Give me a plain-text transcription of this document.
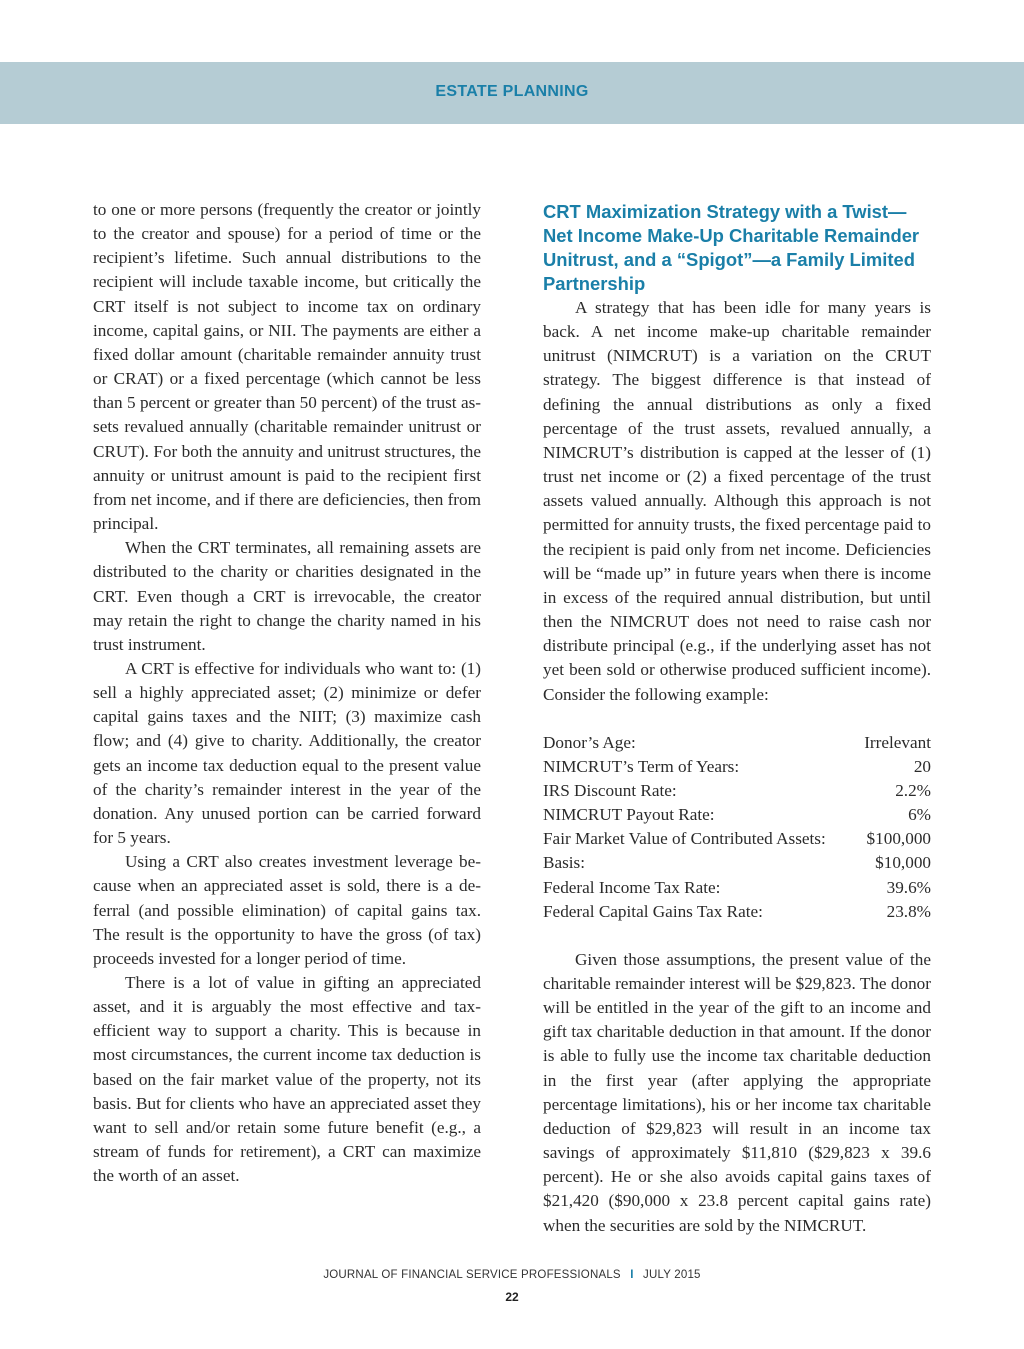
ESTATE PLANNING

to one or more persons (frequently the creator or jointly to the creator and spouse) for a period of time or the recipient’s lifetime. Such annual distributions to the recipient will include taxable income, but critically the CRT itself is not subject to income tax on ordinary income, capital gains, or NII. The payments are either a fixed dollar amount (charitable remainder annuity trust or CRAT) or a fixed percentage (which cannot be less than 5 percent or greater than 50 percent) of the trust assets revalued annually (charitable remainder unitrust or CRUT). For both the annuity and unitrust structures, the annuity or unitrust amount is paid to the recipient first from net income, and if there are deficiencies, then from principal.

When the CRT terminates, all remaining assets are distributed to the charity or charities designated in the CRT. Even though a CRT is irrevocable, the creator may retain the right to change the charity named in his trust instrument.

A CRT is effective for individuals who want to: (1) sell a highly appreciated asset; (2) minimize or defer capital gains taxes and the NIIT; (3) maximize cash flow; and (4) give to charity. Additionally, the creator gets an income tax deduction equal to the present value of the charity’s remainder interest in the year of the donation. Any unused portion can be carried forward for 5 years.

Using a CRT also creates investment leverage because when an appreciated asset is sold, there is a deferral (and possible elimination) of capital gains tax. The result is the opportunity to have the gross (of tax) proceeds invested for a longer period of time.

There is a lot of value in gifting an appreciated asset, and it is arguably the most effective and tax-efficient way to support a charity. This is because in most circumstances, the current income tax deduction is based on the fair market value of the property, not its basis. But for clients who have an appreciated asset they want to sell and/or retain some future benefit (e.g., a stream of funds for retirement), a CRT can maximize the worth of an asset.

CRT Maximization Strategy with a Twist—Net Income Make-Up Charitable Remainder Unitrust, and a “Spigot”—a Family Limited Partnership

A strategy that has been idle for many years is back. A net income make-up charitable remainder unitrust (NIMCRUT) is a variation on the CRUT strategy. The biggest difference is that instead of defining the annual distributions as only a fixed percentage of the trust assets, revalued annually, a NIMCRUT’s distribution is capped at the lesser of (1) trust net income or (2) a fixed percentage of the trust assets valued annually. Although this approach is not permitted for annuity trusts, the fixed percentage paid to the recipient is paid only from net income. Deficiencies will be “made up” in future years when there is income in excess of the required annual distribution, but until then the NIMCRUT does not need to raise cash nor distribute principal (e.g., if the underlying asset has not yet been sold or otherwise produced sufficient income). Consider the following example:

Donor’s Age:	Irrelevant
NIMCRUT’s Term of Years:	20
IRS Discount Rate:	2.2%
NIMCRUT Payout Rate:	6%
Fair Market Value of Contributed Assets: $100,000
Basis:	$10,000
Federal Income Tax Rate:	39.6%
Federal Capital Gains Tax Rate:	23.8%

Given those assumptions, the present value of the charitable remainder interest will be $29,823. The donor will be entitled in the year of the gift to an income and gift tax charitable deduction in that amount. If the donor is able to fully use the income tax charitable deduction in the first year (after applying the appropriate percentage limitations), his or her income tax charitable deduction of $29,823 will result in an income tax savings of approximately $11,810 ($29,823 x 39.6 percent). He or she also avoids capital gains taxes of $21,420 ($90,000 x 23.8 percent capital gains rate) when the securities are sold by the NIMCRUT.

JOURNAL OF FINANCIAL SERVICE PROFESSIONALS I JULY 2015
22
